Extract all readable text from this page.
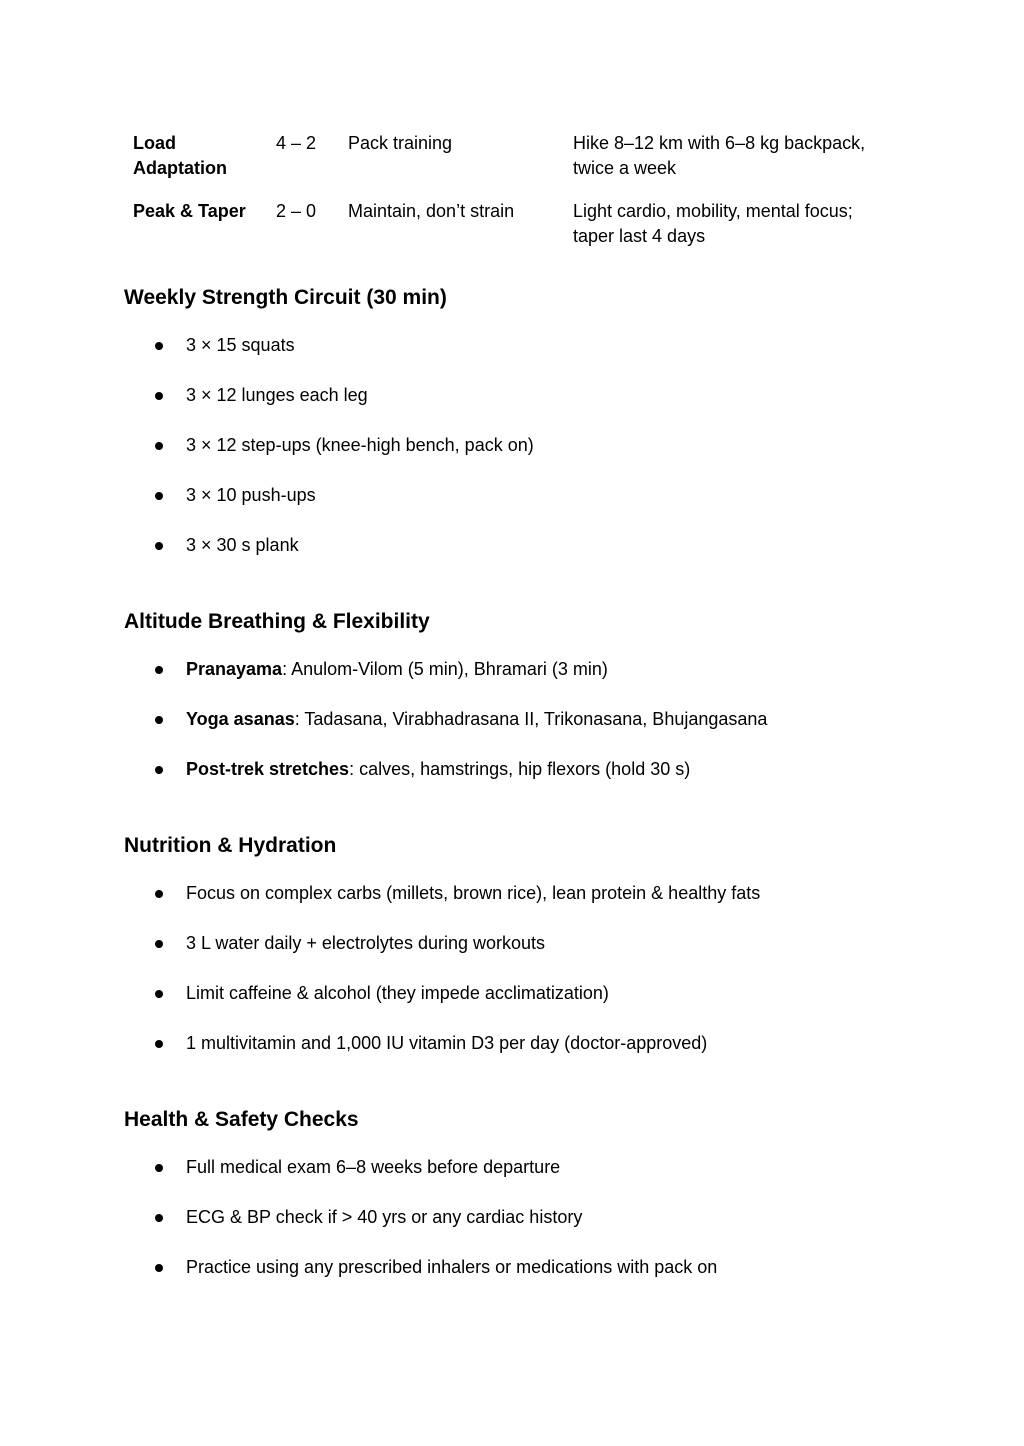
Load Adaptation	4 – 2	Pack training	Hike 8–12 km with 6–8 kg backpack, twice a week
Peak & Taper	2 – 0	Maintain, don’t strain	Light cardio, mobility, mental focus; taper last 4 days
Weekly Strength Circuit (30 min)
3 × 15 squats
3 × 12 lunges each leg
3 × 12 step-ups (knee-high bench, pack on)
3 × 10 push-ups
3 × 30 s plank
Altitude Breathing & Flexibility
Pranayama: Anulom-Vilom (5 min), Bhramari (3 min)
Yoga asanas: Tadasana, Virabhadrasana II, Trikonasana, Bhujangasana
Post-trek stretches: calves, hamstrings, hip flexors (hold 30 s)
Nutrition & Hydration
Focus on complex carbs (millets, brown rice), lean protein & healthy fats
3 L water daily + electrolytes during workouts
Limit caffeine & alcohol (they impede acclimatization)
1 multivitamin and 1,000 IU vitamin D3 per day (doctor-approved)
Health & Safety Checks
Full medical exam 6–8 weeks before departure
ECG & BP check if > 40 yrs or any cardiac history
Practice using any prescribed inhalers or medications with pack on
